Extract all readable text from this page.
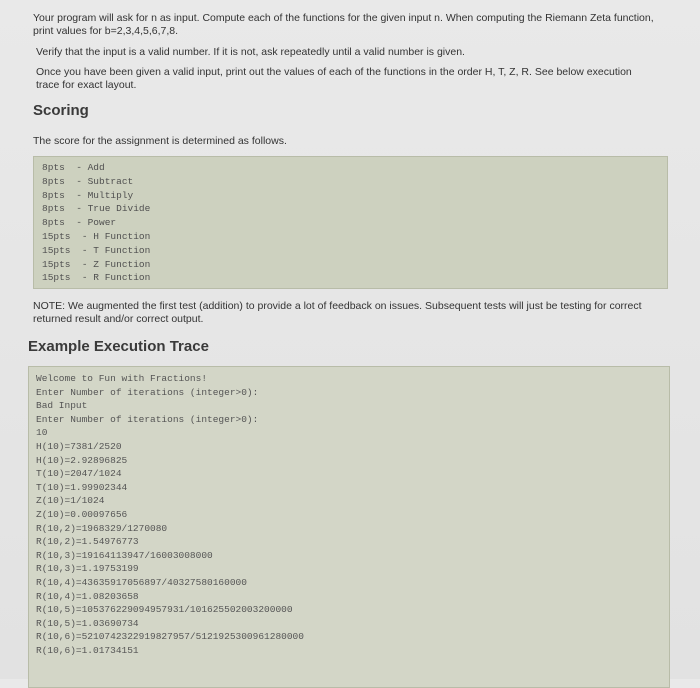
Your program will ask for n as input. Compute each of the functions for the given input n. When computing the Riemann Zeta function, print values for b=2,3,4,5,6,7,8.
Verify that the input is a valid number. If it is not, ask repeatedly until a valid number is given.
Once you have been given a valid input, print out the values of each of the functions in the order H, T, Z, R. See below execution trace for exact layout.
Scoring
The score for the assignment is determined as follows.
8pts  - Add
8pts  - Subtract
8pts  - Multiply
8pts  - True Divide
8pts  - Power
15pts  - H Function
15pts  - T Function
15pts  - Z Function
15pts  - R Function
NOTE: We augmented the first test (addition) to provide a lot of feedback on issues. Subsequent tests will just be testing for correct returned result and/or correct output.
Example Execution Trace
Welcome to Fun with Fractions!
Enter Number of iterations (integer>0):
Bad Input
Enter Number of iterations (integer>0):
10
H(10)=7381/2520
H(10)=2.92896825
T(10)=2047/1024
T(10)=1.99902344
Z(10)=1/1024
Z(10)=0.00097656
R(10,2)=1968329/1270080
R(10,2)=1.54976773
R(10,3)=19164113947/16003008000
R(10,3)=1.19753199
R(10,4)=43635917056897/40327580160000
R(10,4)=1.08203658
R(10,5)=105376229094957931/101625502003200000
R(10,5)=1.03690734
R(10,6)=5210742322919827957/5121925300961280000
R(10,6)=1.01734151
